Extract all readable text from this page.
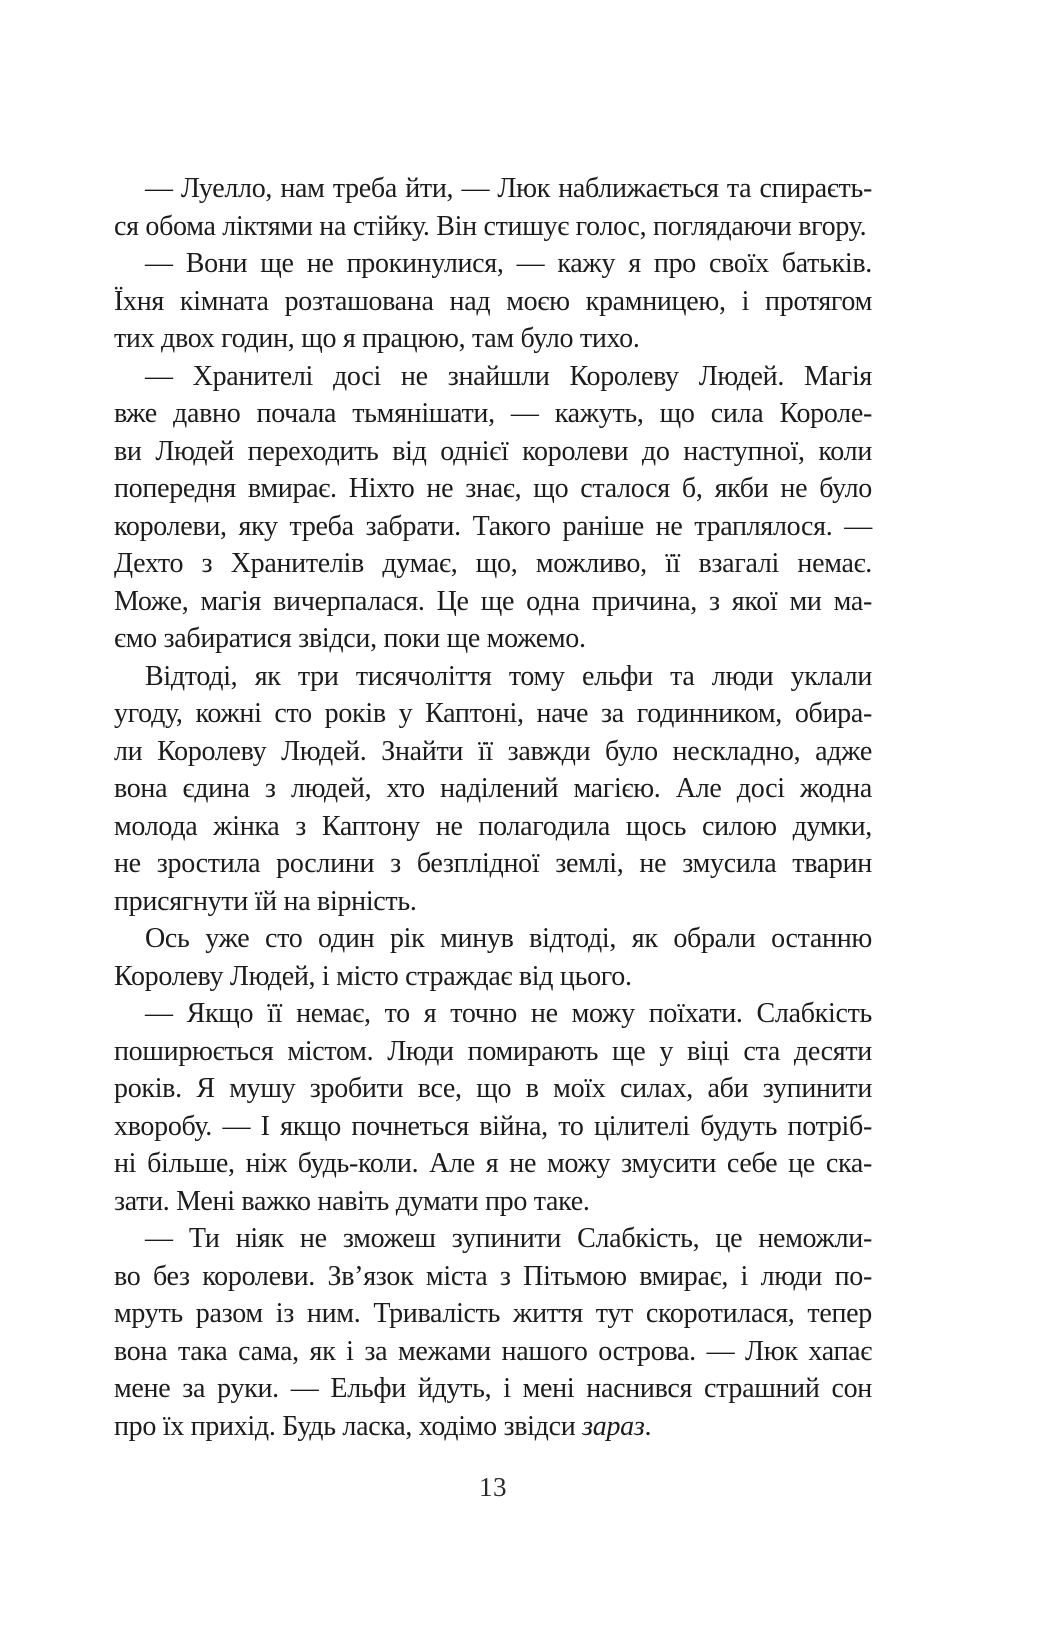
— Луелло, нам треба йти, — Люк наближається та спираєть-
ся обома ліктями на стійку. Він стишує голос, поглядаючи вгору.
— Вони ще не прокинулися, — кажу я про своїх батьків.
Їхня кімната розташована над моєю крамницею, і протягом
тих двох годин, що я працюю, там було тихо.
— Хранителі досі не знайшли Королеву Людей. Магія
вже давно почала тьмянішати, — кажуть, що сила Короле-
ви Людей переходить від однієї королеви до наступної, коли
попередня вмирає. Ніхто не знає, що сталося б, якби не було
королеви, яку треба забрати. Такого раніше не траплялося. —
Дехто з Хранителів думає, що, можливо, її взагалі немає.
Може, магія вичерпалася. Це ще одна причина, з якої ми ма-
ємо забиратися звідси, поки ще можемо.
Відтоді, як три тисячоліття тому ельфи та люди уклали
угоду, кожні сто років у Каптоні, наче за годинником, обира-
ли Королеву Людей. Знайти її завжди було нескладно, адже
вона єдина з людей, хто наділений магією. Але досі жодна
молода жінка з Каптону не полагодила щось силою думки,
не зростила рослини з безплідної землі, не змусила тварин
присягнути їй на вірність.
Ось уже сто один рік минув відтоді, як обрали останню
Королеву Людей, і місто страждає від цього.
— Якщо її немає, то я точно не можу поїхати. Слабкість
поширюється містом. Люди помирають ще у віці ста десяти
років. Я мушу зробити все, що в моїх силах, аби зупинити
хворобу. — І якщо почнеться війна, то цілителі будуть потріб-
ні більше, ніж будь-коли. Але я не можу змусити себе це ска-
зати. Мені важко навіть думати про таке.
— Ти ніяк не зможеш зупинити Слабкість, це неможли-
во без королеви. Зв’язок міста з Пітьмою вмирає, і люди по-
мруть разом із ним. Тривалість життя тут скоротилася, тепер
вона така сама, як і за межами нашого острова. — Люк хапає
мене за руки. — Ельфи йдуть, і мені наснився страшний сон
про їх прихід. Будь ласка, ходімо звідси зараз.
13
